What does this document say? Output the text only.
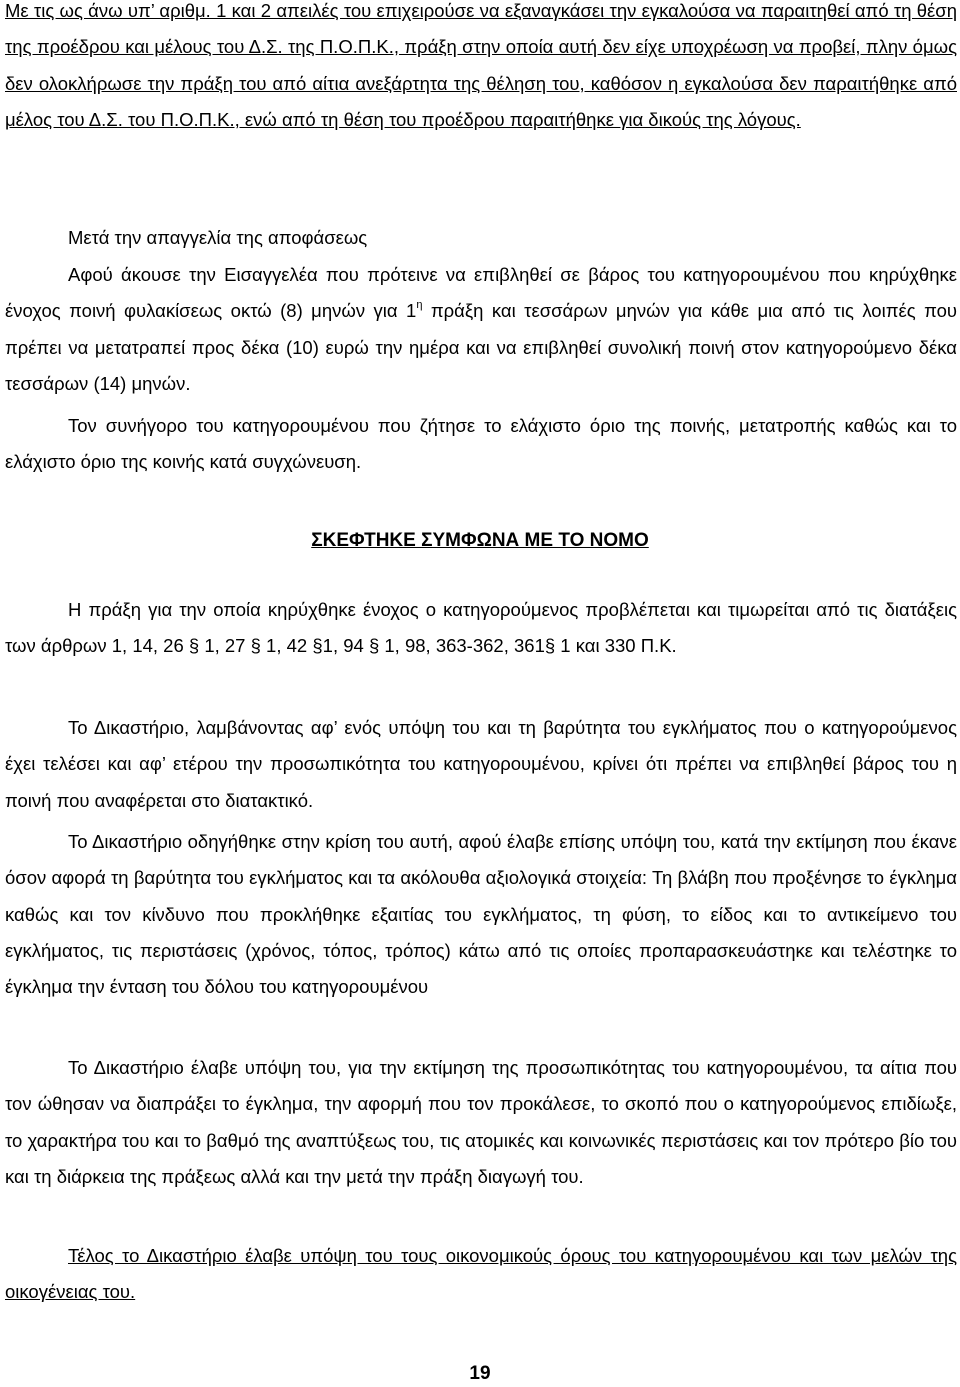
Με τις ως άνω υπ’ αριθμ. 1 και 2 απειλές του επιχειρούσε να εξαναγκάσει την εγκαλούσα να παραιτηθεί από τη θέση της προέδρου και μέλους του Δ.Σ. της Π.Ο.Π.Κ., πράξη στην οποία αυτή δεν είχε υποχρέωση να προβεί, πλην όμως δεν ολοκλήρωσε την πράξη του από αίτια ανεξάρτητα της θέληση του, καθόσον η εγκαλούσα δεν παραιτήθηκε από μέλος του Δ.Σ. του Π.Ο.Π.Κ., ενώ από τη θέση του προέδρου παραιτήθηκε για δικούς της λόγους.

Μετά την απαγγελία της αποφάσεως

Αφού άκουσε την Εισαγγελέα που πρότεινε να επιβληθεί σε βάρος του κατηγορουμένου που κηρύχθηκε ένοχος ποινή φυλακίσεως οκτώ (8) μηνών για $1^\eta$ πράξη και τεσσάρων μηνών για κάθε μια από τις λοιπές που πρέπει να μετατραπεί προς δέκα (10) ευρώ την ημέρα και να επιβληθεί συνολική ποινή στον κατηγορούμενο δέκα τεσσάρων (14) μηνών.

Τον συνήγορο του κατηγορουμένου που ζήτησε το ελάχιστο όριο της ποινής, μετατροπής καθώς και το ελάχιστο όριο της κοινής κατά συγχώνευση.

ΣΚΕΦΤΗΚΕ ΣΥΜΦΩΝΑ ΜΕ ΤΟ ΝΟΜΟ

Η πράξη για την οποία κηρύχθηκε ένοχος ο κατηγορούμενος προβλέπεται και τιμωρείται από τις διατάξεις των άρθρων 1, 14, 26 § 1, 27 § 1, 42 §1, 94 § 1, 98, 363-362, 361§ 1 και 330 Π.Κ.

Το Δικαστήριο, λαμβάνοντας αφ’ ενός υπόψη του και τη βαρύτητα του εγκλήματος που ο κατηγορούμενος έχει τελέσει και αφ’ ετέρου την προσωπικότητα του κατηγορουμένου, κρίνει ότι πρέπει να επιβληθεί βάρος του η ποινή που αναφέρεται στο διατακτικό.

Το Δικαστήριο οδηγήθηκε στην κρίση του αυτή, αφού έλαβε επίσης υπόψη του, κατά την εκτίμηση που έκανε όσον αφορά τη βαρύτητα του εγκλήματος και τα ακόλουθα αξιολογικά στοιχεία: Τη βλάβη που προξένησε το έγκλημα καθώς και τον κίνδυνο που προκλήθηκε εξαιτίας του εγκλήματος, τη φύση, το είδος και το αντικείμενο του εγκλήματος, τις περιστάσεις (χρόνος, τόπος, τρόπος) κάτω από τις οποίες προπαρασκευάστηκε και τελέστηκε το έγκλημα την ένταση του δόλου του κατηγορουμένου

Το Δικαστήριο έλαβε υπόψη του, για την εκτίμηση της προσωπικότητας του κατηγορουμένου, τα αίτια που τον ώθησαν να διαπράξει το έγκλημα, την αφορμή που τον προκάλεσε, το σκοπό που ο κατηγορούμενος επιδίωξε, το χαρακτήρα του και το βαθμό της αναπτύξεως του, τις ατομικές και κοινωνικές περιστάσεις και τον πρότερο βίο του και τη διάρκεια της πράξεως αλλά και την μετά την πράξη διαγωγή του.

Τέλος το Δικαστήριο έλαβε υπόψη του τους οικονομικούς όρους του κατηγορουμένου και των μελών της οικογένειας του.

19
